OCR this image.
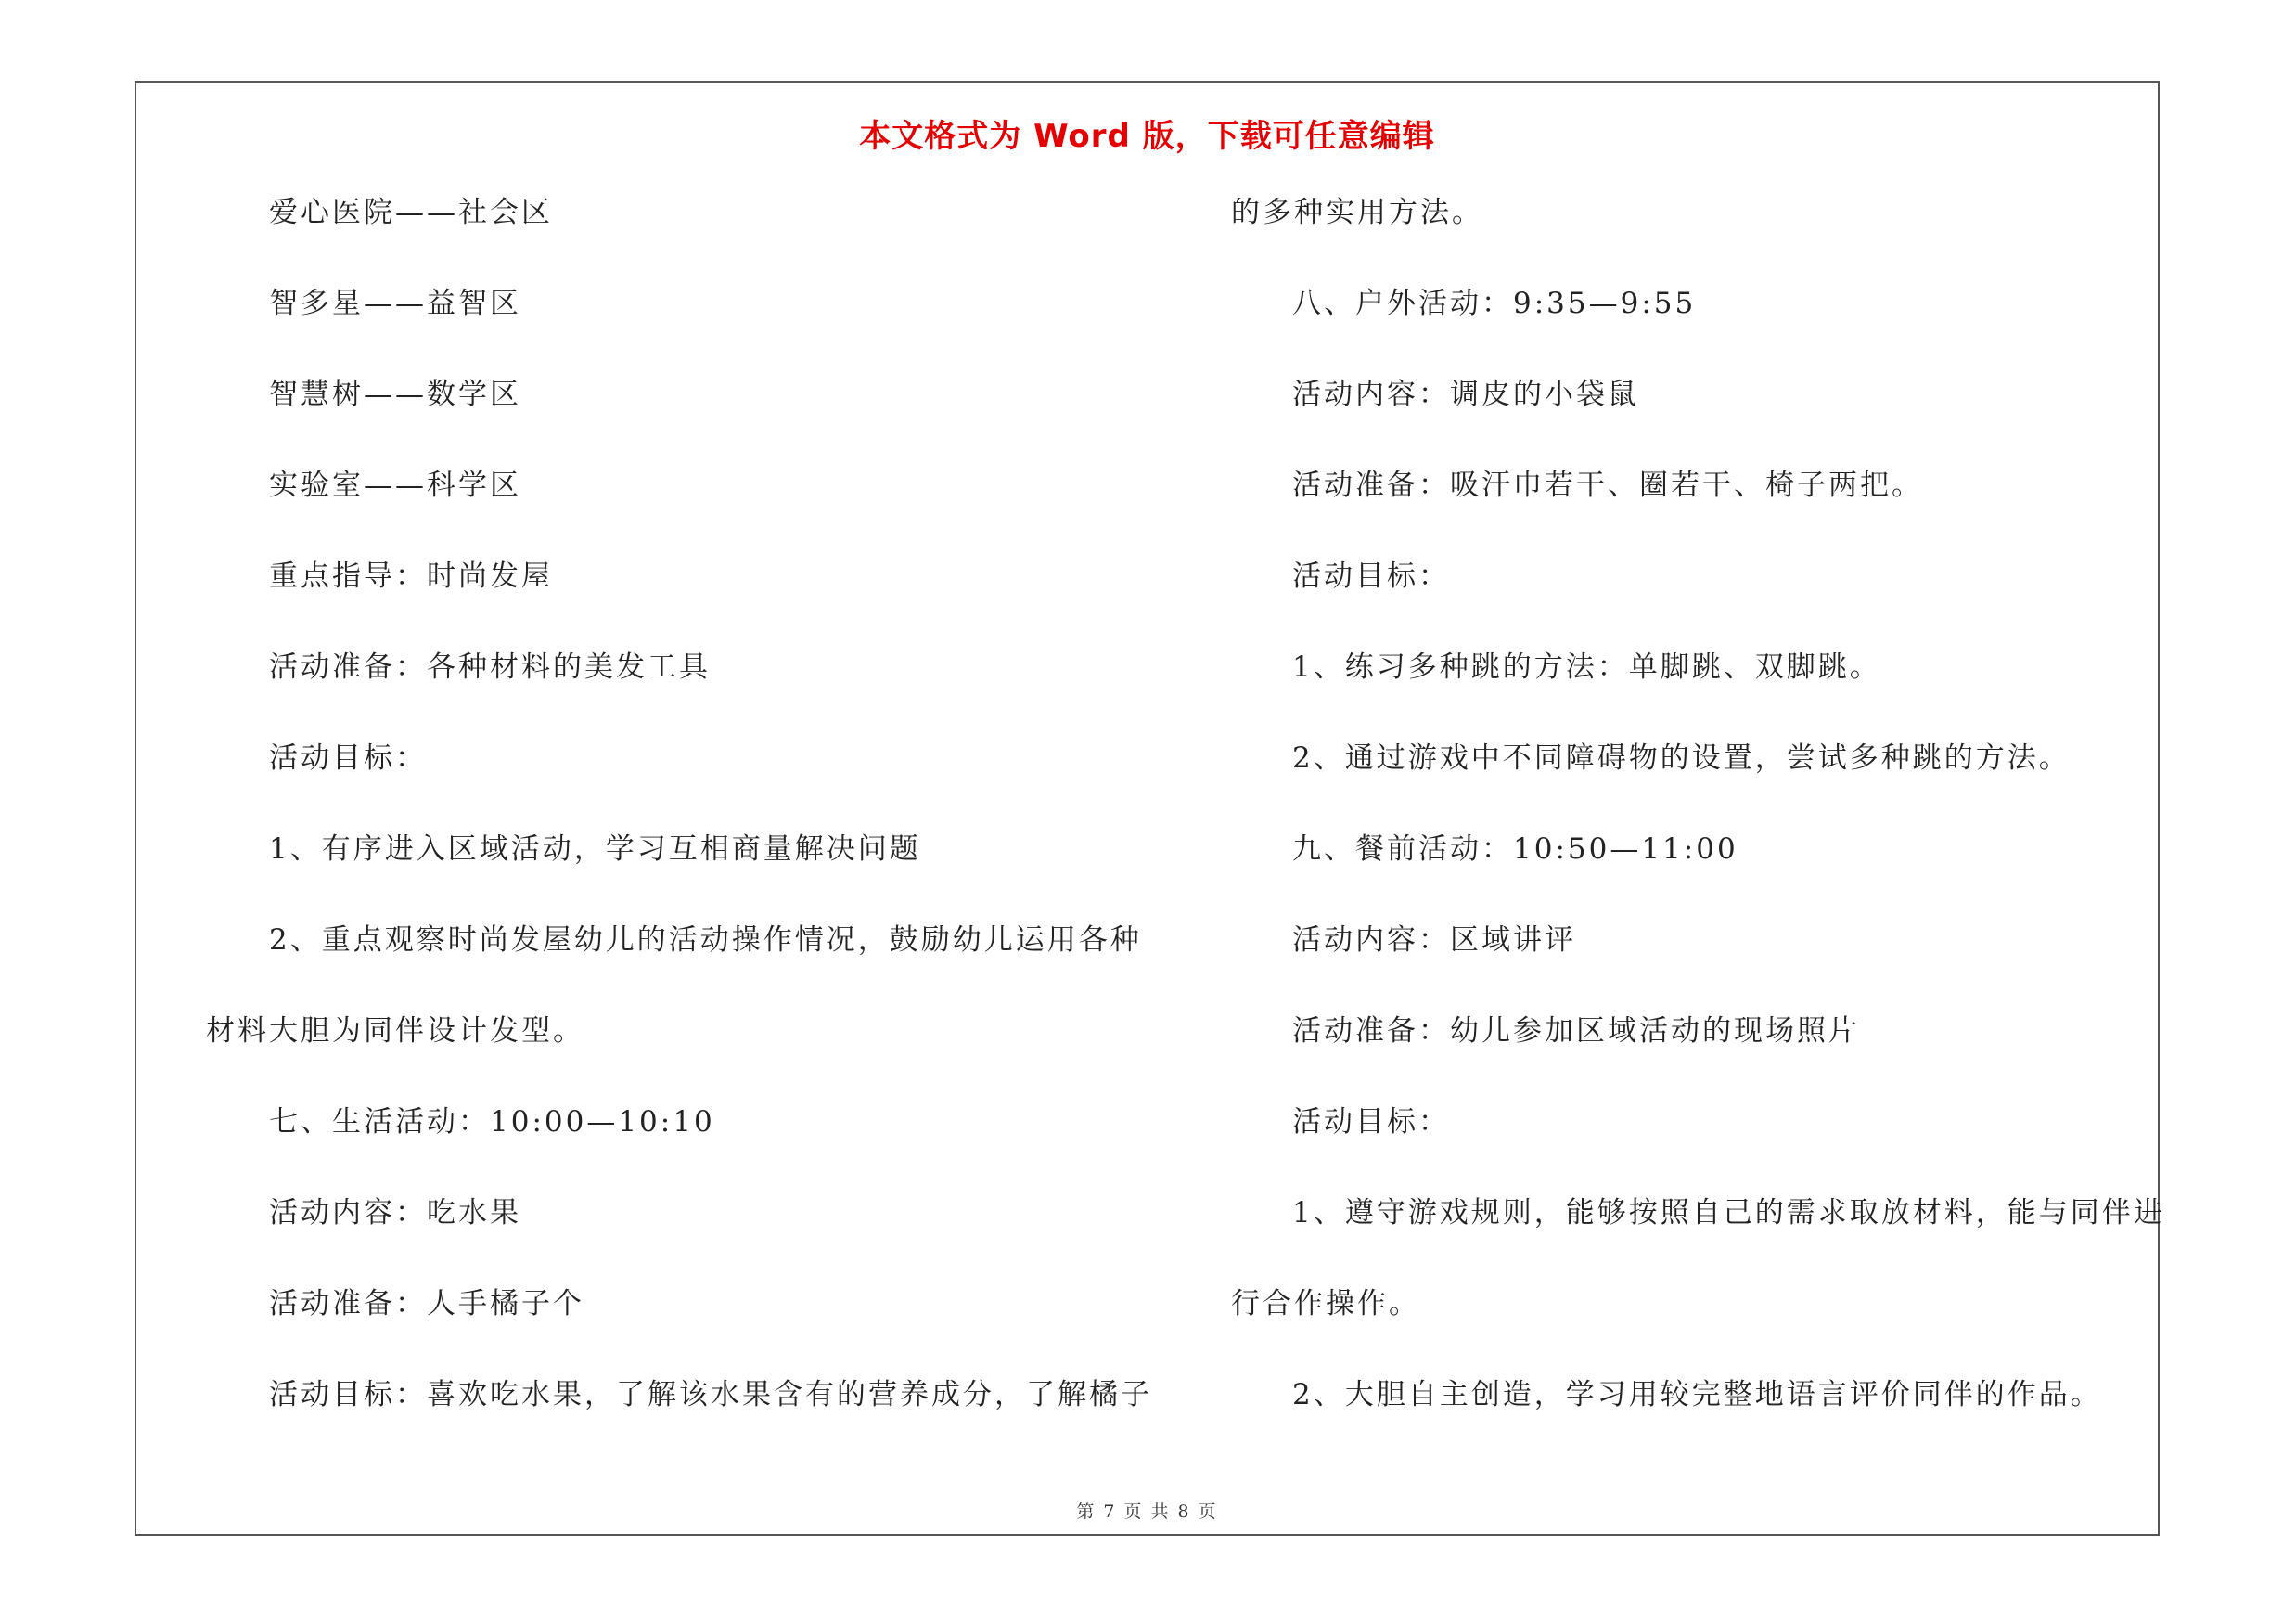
本文格式为 Word 版，下载可任意编辑
爱心医院——社会区
智多星——益智区
智慧树——数学区
实验室——科学区
重点指导：时尚发屋
活动准备：各种材料的美发工具
活动目标：
1、有序进入区域活动，学习互相商量解决问题
2、重点观察时尚发屋幼儿的活动操作情况，鼓励幼儿运用各种
材料大胆为同伴设计发型。
七、生活活动：10:00—10:10
活动内容：吃水果
活动准备：人手橘子个
活动目标：喜欢吃水果，了解该水果含有的营养成分，了解橘子
的多种实用方法。
八、户外活动：9:35—9:55
活动内容：调皮的小袋鼠
活动准备：吸汗巾若干、圈若干、椅子两把。
活动目标：
1、练习多种跳的方法：单脚跳、双脚跳。
2、通过游戏中不同障碍物的设置，尝试多种跳的方法。
九、餐前活动：10:50—11:00
活动内容：区域讲评
活动准备：幼儿参加区域活动的现场照片
活动目标：
1、遵守游戏规则，能够按照自己的需求取放材料，能与同伴进
行合作操作。
2、大胆自主创造，学习用较完整地语言评价同伴的作品。
第 7 页 共 8 页
